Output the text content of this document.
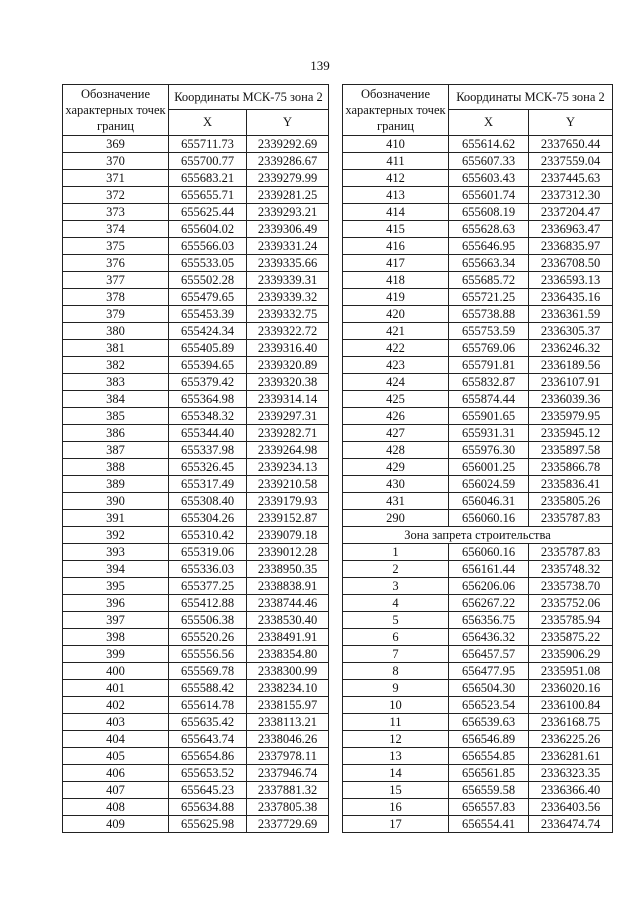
139
Обозначение характерных точек границ	Координаты МСК-75 зона 2	
	X	Y
369	655711.73	2339292.69
370	655700.77	2339286.67
371	655683.21	2339279.99
372	655655.71	2339281.25
373	655625.44	2339293.21
374	655604.02	2339306.49
375	655566.03	2339331.24
376	655533.05	2339335.66
377	655502.28	2339339.31
378	655479.65	2339339.32
379	655453.39	2339332.75
380	655424.34	2339322.72
381	655405.89	2339316.40
382	655394.65	2339320.89
383	655379.42	2339320.38
384	655364.98	2339314.14
385	655348.32	2339297.31
386	655344.40	2339282.71
387	655337.98	2339264.98
388	655326.45	2339234.13
389	655317.49	2339210.58
390	655308.40	2339179.93
391	655304.26	2339152.87
392	655310.42	2339079.18
393	655319.06	2339012.28
394	655336.03	2338950.35
395	655377.25	2338838.91
396	655412.88	2338744.46
397	655506.38	2338530.40
398	655520.26	2338491.91
399	655556.56	2338354.80
400	655569.78	2338300.99
401	655588.42	2338234.10
402	655614.78	2338155.97
403	655635.42	2338113.21
404	655643.74	2338046.26
405	655654.86	2337978.11
406	655653.52	2337946.74
407	655645.23	2337881.32
408	655634.88	2337805.38
409	655625.98	2337729.69
Обозначение характерных точек границ	Координаты МСК-75 зона 2	
	X	Y
410	655614.62	2337650.44
411	655607.33	2337559.04
412	655603.43	2337445.63
413	655601.74	2337312.30
414	655608.19	2337204.47
415	655628.63	2336963.47
416	655646.95	2336835.97
417	655663.34	2336708.50
418	655685.72	2336593.13
419	655721.25	2336435.16
420	655738.88	2336361.59
421	655753.59	2336305.37
422	655769.06	2336246.32
423	655791.81	2336189.56
424	655832.87	2336107.91
425	655874.44	2336039.36
426	655901.65	2335979.95
427	655931.31	2335945.12
428	655976.30	2335897.58
429	656001.25	2335866.78
430	656024.59	2335836.41
431	656046.31	2335805.26
290	656060.16	2335787.83
Зона запрета строительства		
1	656060.16	2335787.83
2	656161.44	2335748.32
3	656206.06	2335738.70
4	656267.22	2335752.06
5	656356.75	2335785.94
6	656436.32	2335875.22
7	656457.57	2335906.29
8	656477.95	2335951.08
9	656504.30	2336020.16
10	656523.54	2336100.84
11	656539.63	2336168.75
12	656546.89	2336225.26
13	656554.85	2336281.61
14	656561.85	2336323.35
15	656559.58	2336366.40
16	656557.83	2336403.56
17	656554.41	2336474.74
